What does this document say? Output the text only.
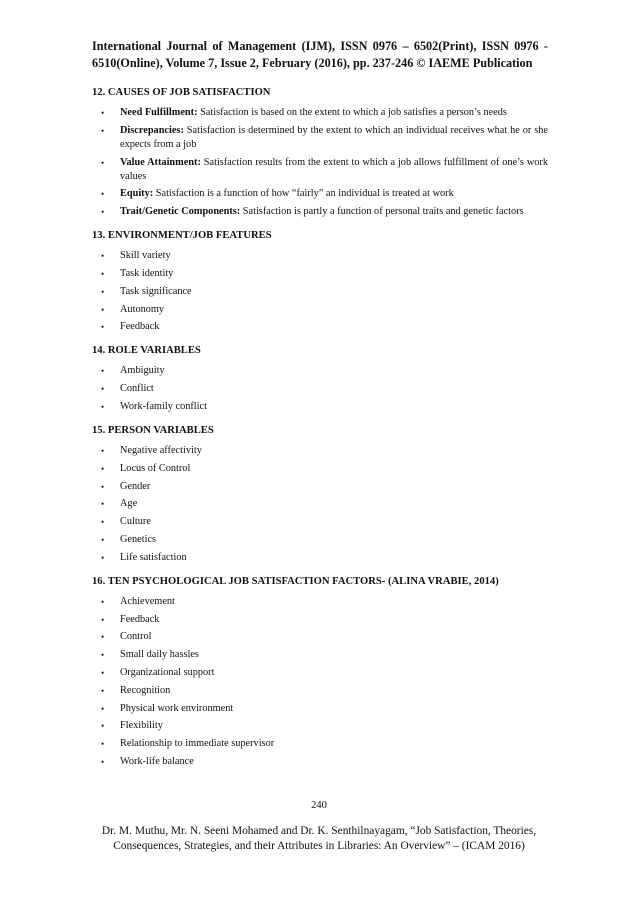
International Journal of Management (IJM), ISSN 0976 – 6502(Print), ISSN 0976 - 6510(Online), Volume 7, Issue 2, February (2016), pp. 237-246 © IAEME Publication
12. CAUSES OF JOB SATISFACTION
• Need Fulfillment: Satisfaction is based on the extent to which a job satisfies a person’s needs
• Discrepancies: Satisfaction is determined by the extent to which an individual receives what he or she expects from a job
• Value Attainment: Satisfaction results from the extent to which a job allows fulfillment of one’s work values
• Equity: Satisfaction is a function of how “fairly” an individual is treated at work
• Trait/Genetic Components: Satisfaction is partly a function of personal traits and genetic factors
13. ENVIRONMENT/JOB FEATURES
• Skill variety
• Task identity
• Task significance
• Autonomy
• Feedback
14. ROLE VARIABLES
• Ambiguity
• Conflict
• Work-family conflict
15. PERSON VARIABLES
• Negative affectivity
• Locus of Control
• Gender
• Age
• Culture
• Genetics
• Life satisfaction
16. TEN PSYCHOLOGICAL JOB SATISFACTION FACTORS- (ALINA VRABIE, 2014)
• Achievement
• Feedback
• Control
• Small daily hassles
• Organizational support
• Recognition
• Physical work environment
• Flexibility
• Relationship to immediate supervisor
• Work-life balance
240
Dr. M. Muthu, Mr. N. Seeni Mohamed and Dr. K. Senthilnayagam, “Job Satisfaction, Theories, Consequences, Strategies, and their Attributes in Libraries: An Overview” – (ICAM 2016)
